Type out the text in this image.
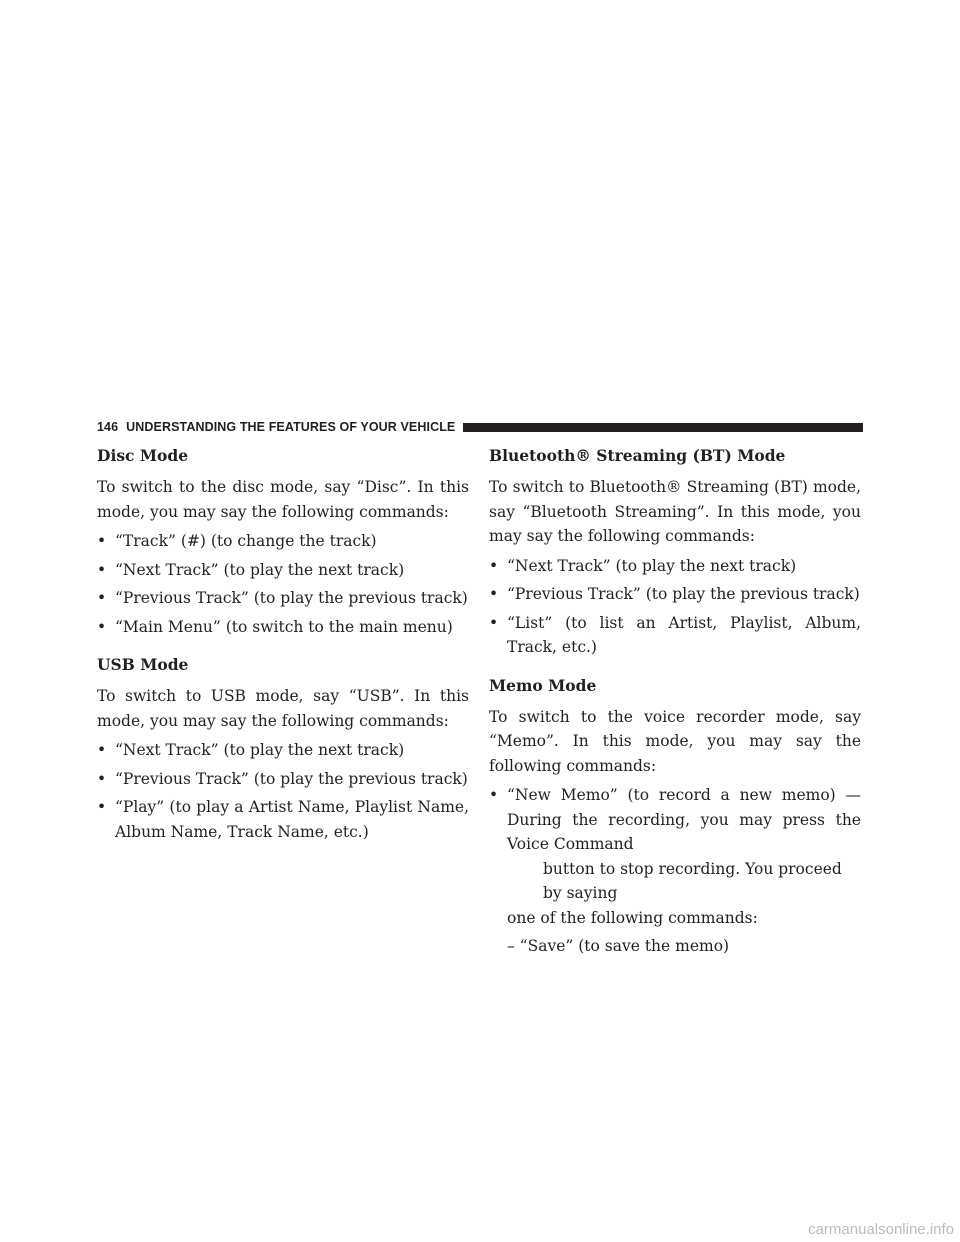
146 UNDERSTANDING THE FEATURES OF YOUR VEHICLE
Disc Mode

To switch to the disc mode, say “Disc”. In this mode, you may say the following commands:

• “Track” (#) (to change the track)
• “Next Track” (to play the next track)
• “Previous Track” (to play the previous track)
• “Main Menu” (to switch to the main menu)
USB Mode

To switch to USB mode, say “USB”. In this mode, you may say the following commands:

• “Next Track” (to play the next track)
• “Previous Track” (to play the previous track)
• “Play” (to play a Artist Name, Playlist Name, Album Name, Track Name, etc.)
Bluetooth® Streaming (BT) Mode

To switch to Bluetooth® Streaming (BT) mode, say “Bluetooth Streaming”. In this mode, you may say the following commands:

• “Next Track” (to play the next track)
• “Previous Track” (to play the previous track)
• “List” (to list an Artist, Playlist, Album, Track, etc.)
Memo Mode

To switch to the voice recorder mode, say “Memo”. In this mode, you may say the following commands:

• “New Memo” (to record a new memo) — During the recording, you may press the Voice Command
button to stop recording. You proceed by saying
one of the following commands:
– “Save” (to save the memo)
carmanualsonline.info
